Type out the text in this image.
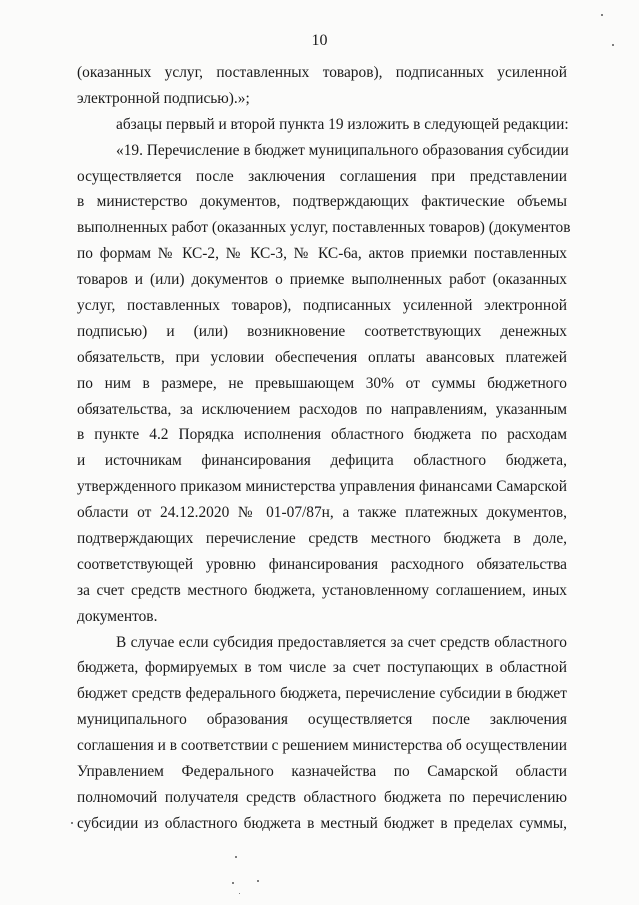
10
(оказанных услуг, поставленных товаров), подписанных усиленной
электронной подписью).»;
абзацы первый и второй пункта 19 изложить в следующей редакции:
«19. Перечисление в бюджет муниципального образования субсидии
осуществляется после заключения соглашения при представлении
в министерство документов, подтверждающих фактические объемы
выполненных работ (оказанных услуг, поставленных товаров) (документов
по формам № КС-2, № КС-3, № КС-6а, актов приемки поставленных
товаров и (или) документов о приемке выполненных работ (оказанных
услуг, поставленных товаров), подписанных усиленной электронной
подписью) и (или) возникновение соответствующих денежных
обязательств, при условии обеспечения оплаты авансовых платежей
по ним в размере, не превышающем 30% от суммы бюджетного
обязательства, за исключением расходов по направлениям, указанным
в пункте 4.2 Порядка исполнения областного бюджета по расходам
и источникам финансирования дефицита областного бюджета,
утвержденного приказом министерства управления финансами Самарской
области от 24.12.2020 № 01-07/87н, а также платежных документов,
подтверждающих перечисление средств местного бюджета в доле,
соответствующей уровню финансирования расходного обязательства
за счет средств местного бюджета, установленному соглашением, иных
документов.
В случае если субсидия предоставляется за счет средств областного
бюджета, формируемых в том числе за счет поступающих в областной
бюджет средств федерального бюджета, перечисление субсидии в бюджет
муниципального образования осуществляется после заключения
соглашения и в соответствии с решением министерства об осуществлении
Управлением Федерального казначейства по Самарской области
полномочий получателя средств областного бюджета по перечислению
субсидии из областного бюджета в местный бюджет в пределах суммы,
